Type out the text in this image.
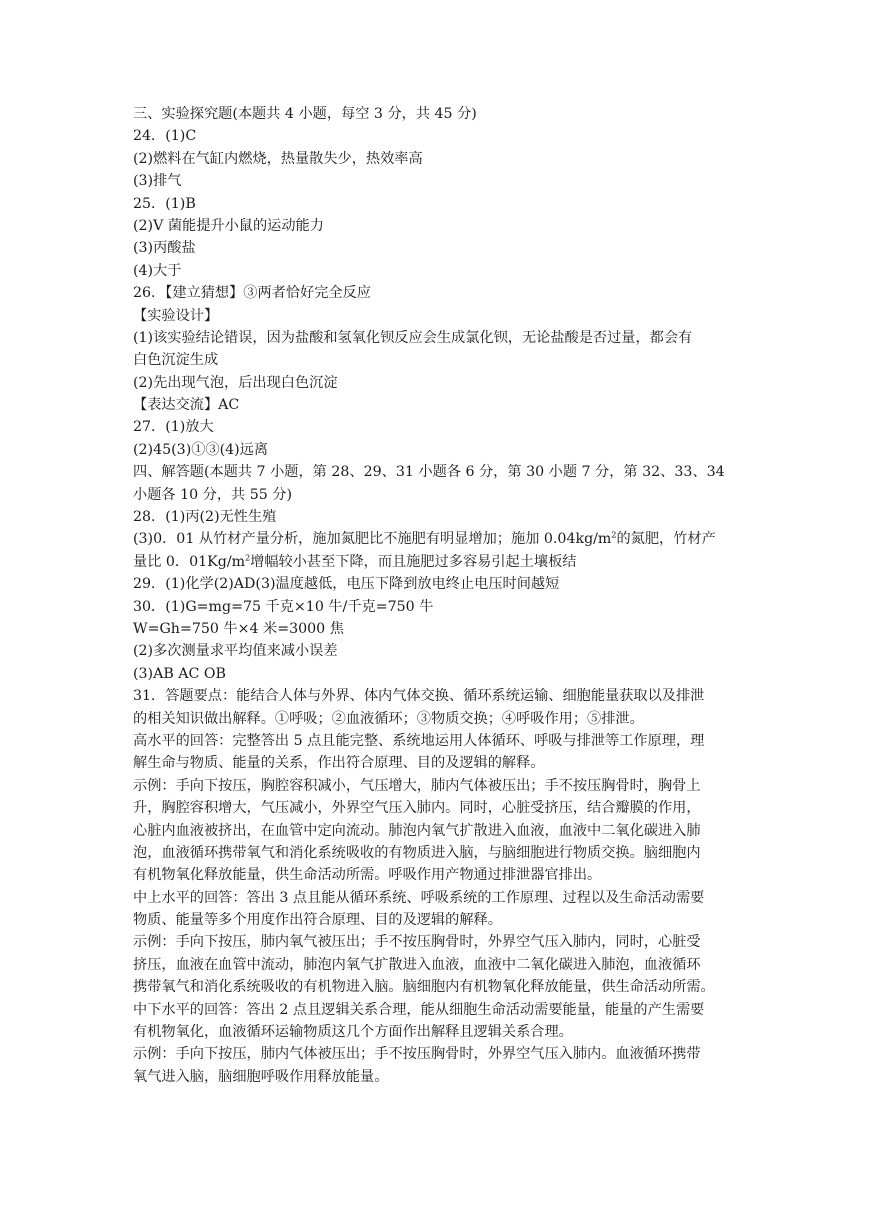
三、实验探究题(本题共 4 小题，每空 3 分，共 45 分)
24．(1)C
(2)燃料在气缸内燃烧，热量散失少，热效率高
(3)排气
25．(1)B
(2)V 菌能提升小鼠的运动能力
(3)丙酸盐
(4)大于
26．【建立猜想】③两者恰好完全反应
【实验设计】
(1)该实验结论错误，因为盐酸和氢氧化钡反应会生成氯化钡，无论盐酸是否过量，都会有
白色沉淀生成
(2)先出现气泡，后出现白色沉淀
【表达交流】AC
27．(1)放大
(2)45(3)①③(4)远离
四、解答题(本题共 7 小题，第 28、29、31 小题各 6 分，第 30 小题 7 分，第 32、33、34
小题各 10 分，共 55 分)
28．(1)丙(2)无性生殖
(3)0．01 从竹材产量分析，施加氮肥比不施肥有明显增加；施加 $0.04kg/m^2$的氮肥，竹材产
量比 0．$01Kg/m^2$增幅较小甚至下降，而且施肥过多容易引起土壤板结
29．(1)化学(2)AD(3)温度越低，电压下降到放电终止电压时间越短
30．(1)G=mg=75 千克×10 牛/千克=750 牛
W=Gh=750 牛×4 米=3000 焦
(2)多次测量求平均值来减小误差
(3)AB AC OB
31．答题要点：能结合人体与外界、体内气体交换、循环系统运输、细胞能量获取以及排泄
的相关知识做出解释。①呼吸；②血液循环；③物质交换；④呼吸作用；⑤排泄。
高水平的回答：完整答出 5 点且能完整、系统地运用人体循环、呼吸与排泄等工作原理，理
解生命与物质、能量的关系，作出符合原理、目的及逻辑的解释。
示例：手向下按压，胸腔容积减小，气压增大，肺内气体被压出；手不按压胸骨时，胸骨上
升，胸腔容积增大，气压减小，外界空气压入肺内。同时，心脏受挤压，结合瓣膜的作用，
心脏内血液被挤出，在血管中定向流动。肺泡内氧气扩散进入血液，血液中二氧化碳进入肺
泡，血液循环携带氧气和消化系统吸收的有物质进入脑，与脑细胞进行物质交换。脑细胞内
有机物氧化释放能量，供生命活动所需。呼吸作用产物通过排泄器官排出。
中上水平的回答：答出 3 点且能从循环系统、呼吸系统的工作原理、过程以及生命活动需要
物质、能量等多个用度作出符合原理、目的及逻辑的解释。
示例：手向下按压，肺内氧气被压出；手不按压胸骨时，外界空气压入肺内，同时，心脏受
挤压，血液在血管中流动，肺泡内氧气扩散进入血液，血液中二氧化碳进入肺泡，血液循环
携带氧气和消化系统吸收的有机物进入脑。脑细胞内有机物氧化释放能量，供生命活动所需。
中下水平的回答：答出 2 点且逻辑关系合理，能从细胞生命活动需要能量，能量的产生需要
有机物氧化，血液循环运输物质这几个方面作出解释且逻辑关系合理。
示例：手向下按压，肺内气体被压出；手不按压胸骨时，外界空气压入肺内。血液循环携带
氧气进入脑，脑细胞呼吸作用释放能量。
